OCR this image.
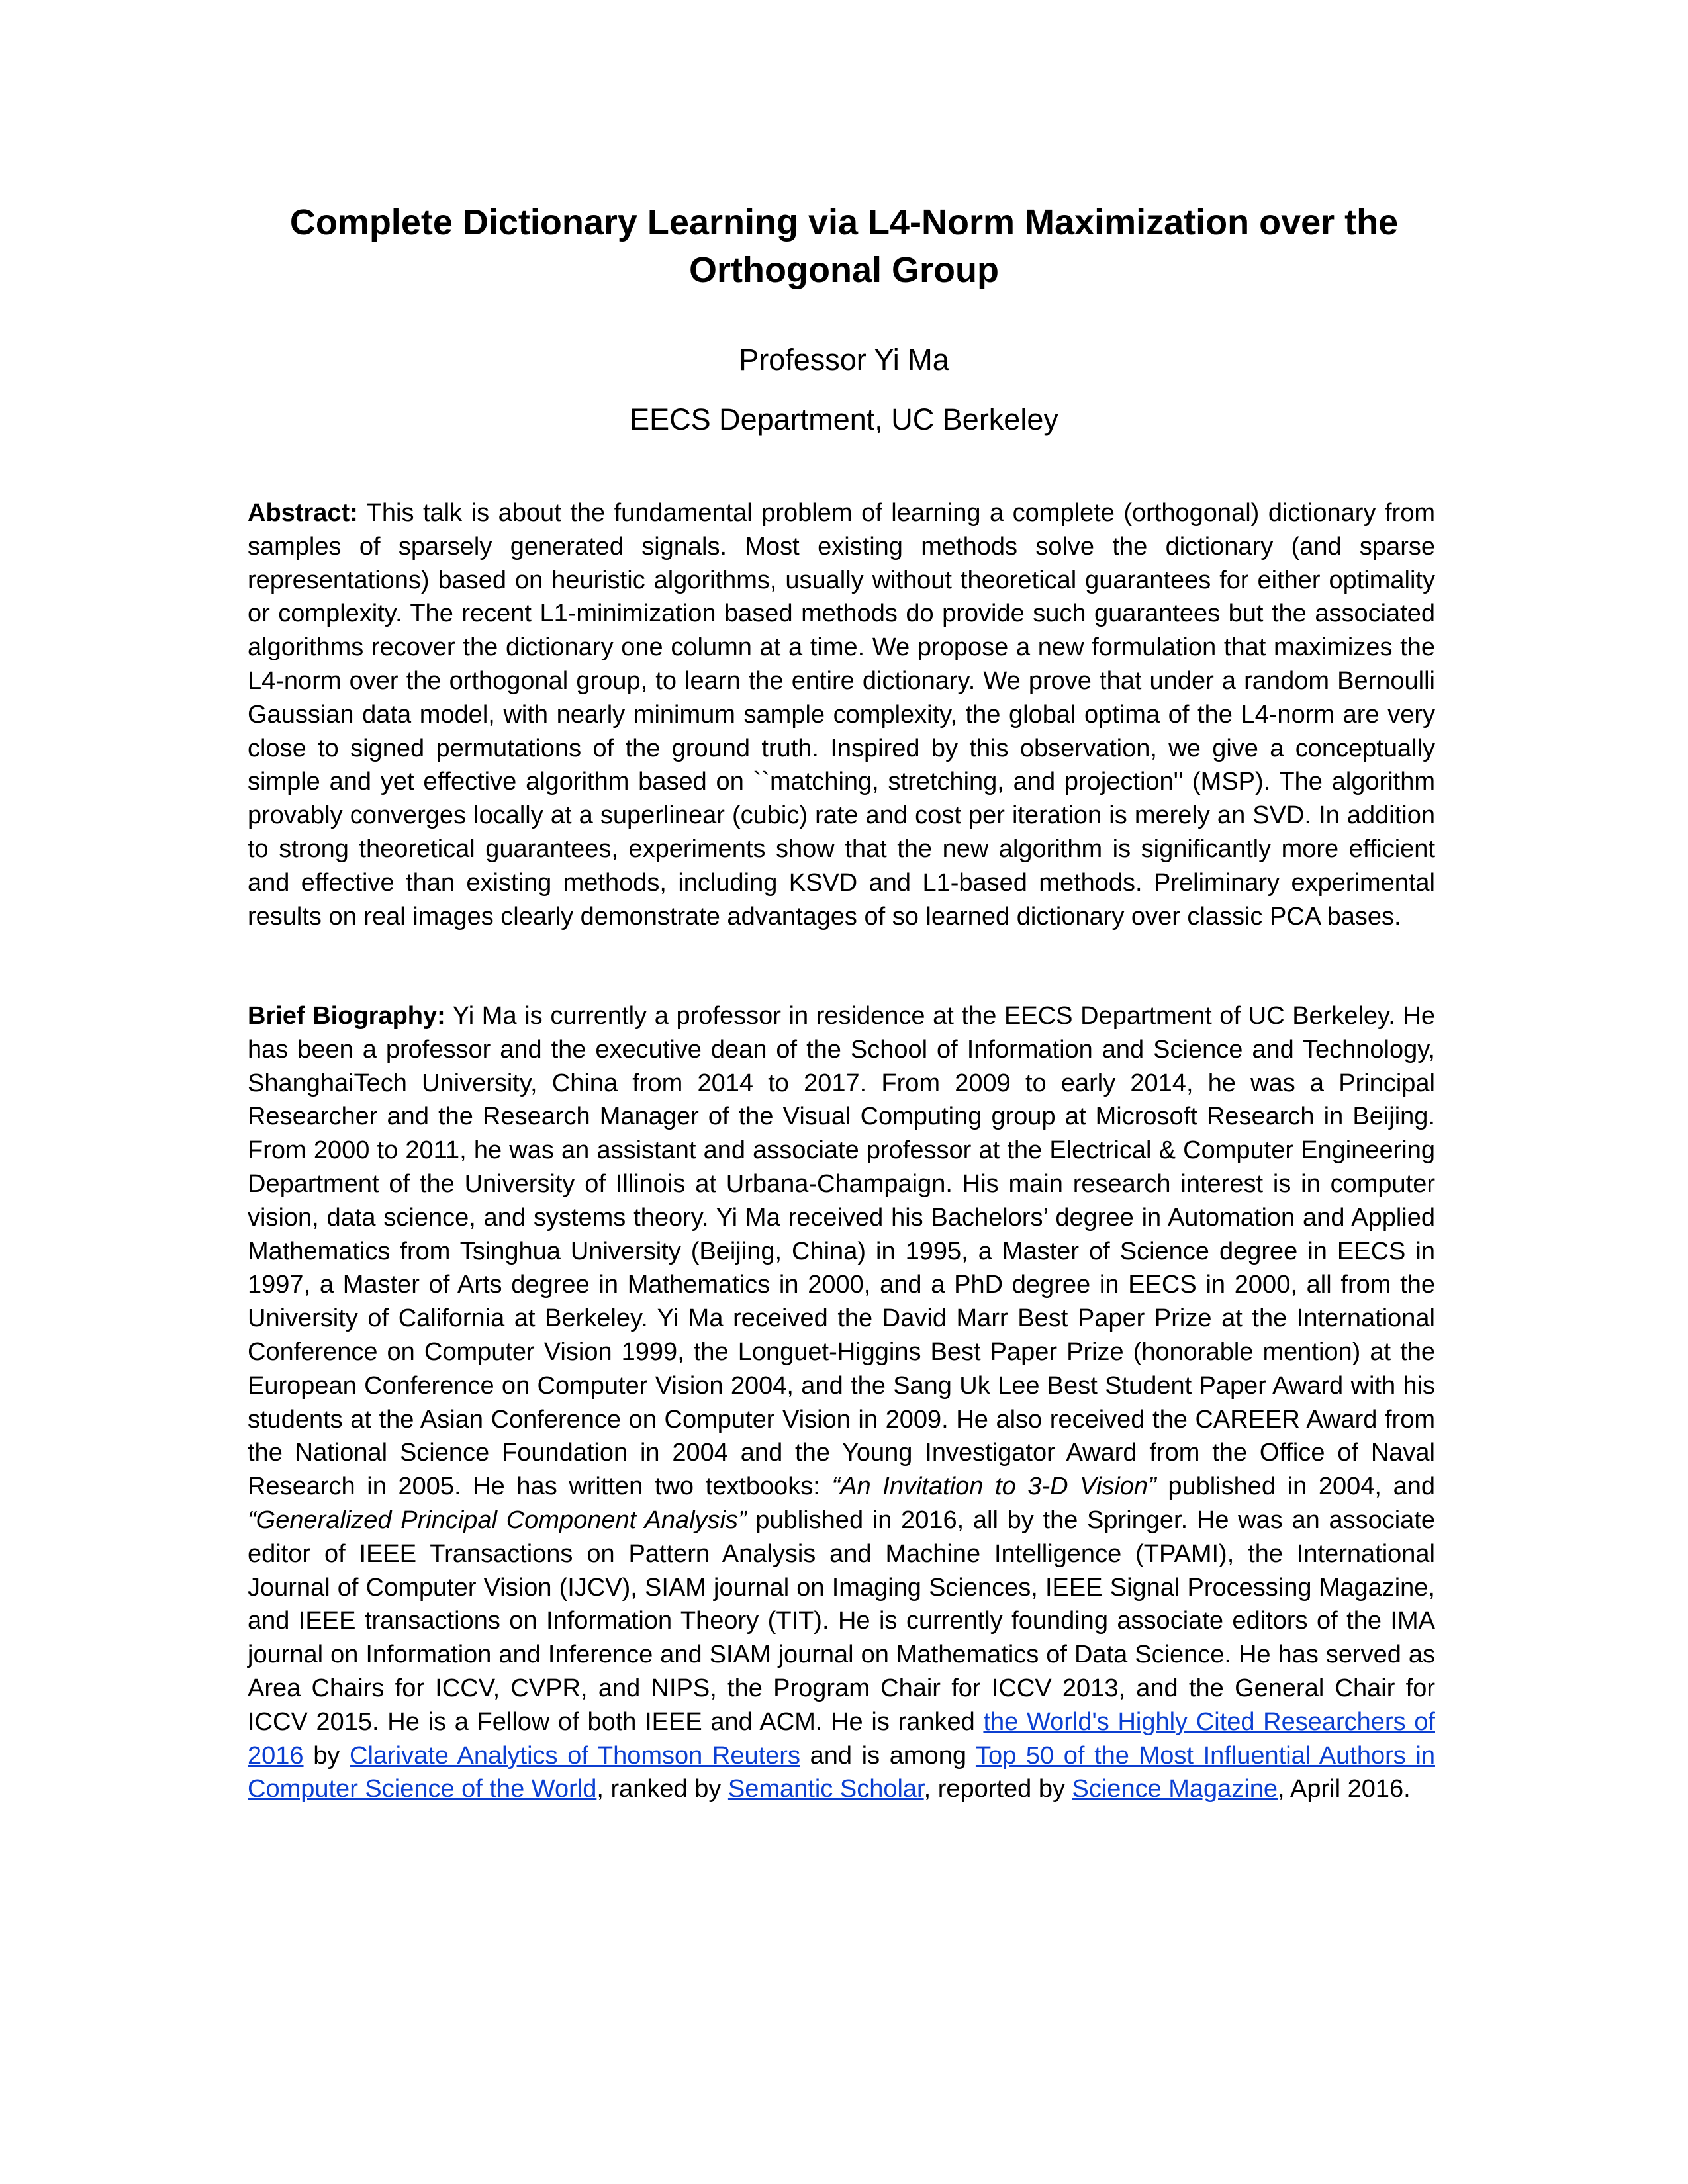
Complete Dictionary Learning via L4-Norm Maximization over the Orthogonal Group
Professor Yi Ma
EECS Department, UC Berkeley
Abstract: This talk is about the fundamental problem of learning a complete (orthogonal) dictionary from samples of sparsely generated signals. Most existing methods solve the dictionary (and sparse representations) based on heuristic algorithms, usually without theoretical guarantees for either optimality or complexity. The recent L1-minimization based methods do provide such guarantees but the associated algorithms recover the dictionary one column at a time. We propose a new formulation that maximizes the L4-norm over the orthogonal group, to learn the entire dictionary. We prove that under a random Bernoulli Gaussian data model, with nearly minimum sample complexity, the global optima of the L4-norm are very close to signed permutations of the ground truth. Inspired by this observation, we give a conceptually simple and yet effective algorithm based on ``matching, stretching, and projection'' (MSP). The algorithm provably converges locally at a superlinear (cubic) rate and cost per iteration is merely an SVD. In addition to strong theoretical guarantees, experiments show that the new algorithm is significantly more efficient and effective than existing methods, including KSVD and L1-based methods. Preliminary experimental results on real images clearly demonstrate advantages of so learned dictionary over classic PCA bases.
Brief Biography: Yi Ma is currently a professor in residence at the EECS Department of UC Berkeley. He has been a professor and the executive dean of the School of Information and Science and Technology, ShanghaiTech University, China from 2014 to 2017. From 2009 to early 2014, he was a Principal Researcher and the Research Manager of the Visual Computing group at Microsoft Research in Beijing. From 2000 to 2011, he was an assistant and associate professor at the Electrical & Computer Engineering Department of the University of Illinois at Urbana-Champaign. His main research interest is in computer vision, data science, and systems theory. Yi Ma received his Bachelors’ degree in Automation and Applied Mathematics from Tsinghua University (Beijing, China) in 1995, a Master of Science degree in EECS in 1997, a Master of Arts degree in Mathematics in 2000, and a PhD degree in EECS in 2000, all from the University of California at Berkeley. Yi Ma received the David Marr Best Paper Prize at the International Conference on Computer Vision 1999, the Longuet-Higgins Best Paper Prize (honorable mention) at the European Conference on Computer Vision 2004, and the Sang Uk Lee Best Student Paper Award with his students at the Asian Conference on Computer Vision in 2009. He also received the CAREER Award from the National Science Foundation in 2004 and the Young Investigator Award from the Office of Naval Research in 2005. He has written two textbooks: “An Invitation to 3-D Vision” published in 2004, and “Generalized Principal Component Analysis” published in 2016, all by the Springer. He was an associate editor of IEEE Transactions on Pattern Analysis and Machine Intelligence (TPAMI), the International Journal of Computer Vision (IJCV), SIAM journal on Imaging Sciences, IEEE Signal Processing Magazine, and IEEE transactions on Information Theory (TIT). He is currently founding associate editors of the IMA journal on Information and Inference and SIAM journal on Mathematics of Data Science. He has served as Area Chairs for ICCV, CVPR, and NIPS, the Program Chair for ICCV 2013, and the General Chair for ICCV 2015. He is a Fellow of both IEEE and ACM. He is ranked the World's Highly Cited Researchers of 2016 by Clarivate Analytics of Thomson Reuters and is among Top 50 of the Most Influential Authors in Computer Science of the World, ranked by Semantic Scholar, reported by Science Magazine, April 2016.
